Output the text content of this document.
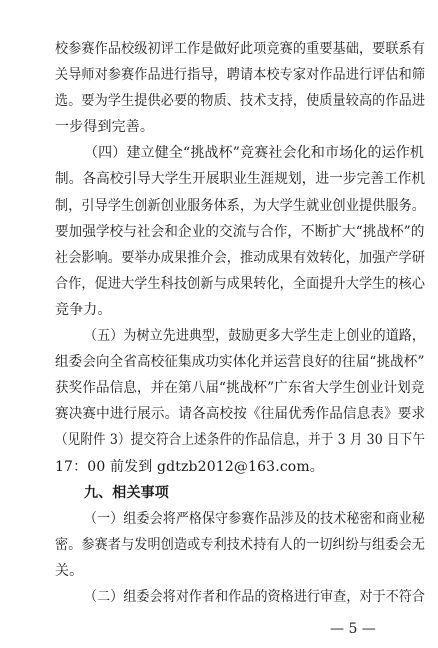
校参赛作品校级初评工作是做好此项竞赛的重要基础，要联系有
关导师对参赛作品进行指导，聘请本校专家对作品进行评估和筛
选。要为学生提供必要的物质、技术支持，使质量较高的作品进
一步得到完善。
（四）建立健全“挑战杯”竞赛社会化和市场化的运作机
制。各高校引导大学生开展职业生涯规划，进一步完善工作机
制，引导学生创新创业服务体系，为大学生就业创业提供服务。
要加强学校与社会和企业的交流与合作，不断扩大“挑战杯”的
社会影响。要举办成果推介会，推动成果有效转化，加强产学研
合作，促进大学生科技创新与成果转化，全面提升大学生的核心
竞争力。
（五）为树立先进典型，鼓励更多大学生走上创业的道路，
组委会向全省高校征集成功实体化并运营良好的往届“挑战杯”
获奖作品信息，并在第八届“挑战杯”广东省大学生创业计划竞
赛决赛中进行展示。请各高校按《往届优秀作品信息表》要求
（见附件 3）提交符合上述条件的作品信息，并于 3 月 30 日下午
17：00 前发到 gdtzb2012@163.com。
九、相关事项
（一）组委会将严格保守参赛作品涉及的技术秘密和商业秘
密。参赛者与发明创造或专利技术持有人的一切纠纷与组委会无
关。
（二）组委会将对作者和作品的资格进行审查，对于不符合
— 5 —
